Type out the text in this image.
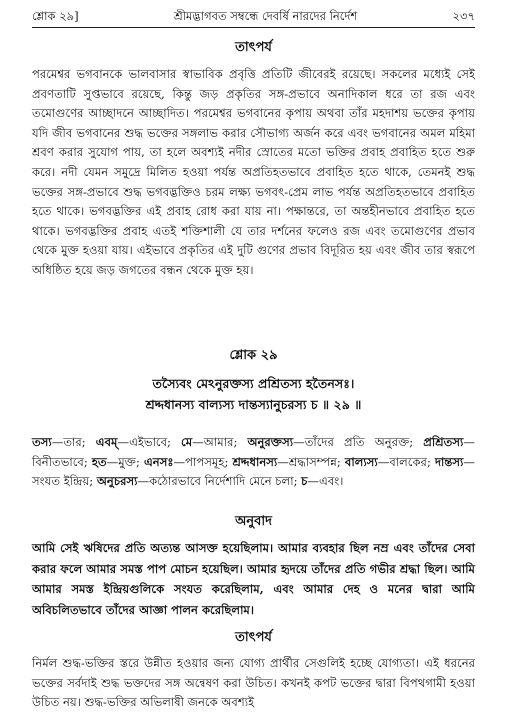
শ্লোক ২৯]	শ্রীমদ্ভাগবত সম্বন্ধে দেবর্ষি নারদের নির্দেশ	২৩৭
তাৎপর্য

পরমেশ্বর ভগবানকে ভালবাসার স্বাভাবিক প্রবৃত্তি প্রতিটি জীবেরই রয়েছে। সকলের মধ্যেই সেই প্রবণতাটি সুপ্তভাবে রয়েছে, কিন্তু জড় প্রকৃতির সঙ্গ-প্রভাবে অনাদিকাল ধরে তা রজ এবং তমোগুণের আচ্ছাদনে আচ্ছাদিত। পরমেশ্বর ভগবানের কৃপায় অথবা তাঁর মহদাশয় ভক্তের কৃপায় যদি জীব ভগবানের শুদ্ধ ভক্তের সঙ্গলাভ করার সৌভাগ্য অর্জন করে এবং ভগবানের অমল মহিমা শ্রবণ করার সুযোগ পায়, তা হলে অবশ্যই নদীর স্রোতের মতো ভক্তির প্রবাহ প্রবাহিত হতে শুরু করে। নদী যেমন সমুদ্রে মিলিত হওয়া পর্যন্ত অপ্রতিহতভাবে প্রবাহিত হতে থাকে, তেমনই শুদ্ধ ভক্তের সঙ্গ-প্রভাবে শুদ্ধ ভগবদ্ভক্তিও চরম লক্ষ্য ভগবৎ-প্রেম লাভ পর্যন্ত অপ্রতিহতভাবে প্রবাহিত হতে থাকে। ভগবদ্ভক্তির এই প্রবাহ রোধ করা যায় না। পক্ষান্তরে, তা অন্তহীনভাবে প্রবাহিত হতে থাকে। ভগবদ্ভক্তির প্রবাহ এতই শক্তিশালী যে তার দর্শনের ফলেও রজ এবং তমোগুণের প্রভাব থেকে মুক্ত হওয়া যায়। এইভাবে প্রকৃতির এই দুটি গুণের প্রভাব বিদূরিত হয় এবং জীব তার স্বরূপে অধিষ্ঠিত হয়ে জড় জগতের বন্ধন থেকে মুক্ত হয়।

শ্লোক ২৯

তস্যৈবং মেঽনুরক্তস্য প্রশ্রিতস্য হতৈনসঃ।

শ্রদ্দধানস্য বাল্যস্য দান্তস্যানুচরস্য চ ॥ ২৯ ॥

তস্য—তার; এবম্—এইভাবে; মে—আমার; অনুরক্তস্য—তাঁদের প্রতি অনুরক্ত; প্রশ্রিতস্য—বিনীতভাবে; হত—মুক্ত; এনসঃ—পাপসমূহ; শ্রদ্দধানস্য—শ্রদ্ধাসম্পন্ন; বাল্যস্য—বালকের; দান্তস্য—সংযত ইন্দ্রিয়; অনুচরস্য—কঠোরভাবে নির্দেশাদি মেনে চলা; চ—এবং।

অনুবাদ

আমি সেই ঋষিদের প্রতি অত্যন্ত আসক্ত হয়েছিলাম। আমার ব্যবহার ছিল নম্র এবং তাঁদের সেবা করার ফলে আমার সমস্ত পাপ মোচন হয়েছিল। আমার হৃদয়ে তাঁদের প্রতি গভীর শ্রদ্ধা ছিল। আমি আমার সমস্ত ইন্দ্রিয়গুলিকে সংযত করেছিলাম, এবং আমার দেহ ও মনের দ্বারা আমি অবিচলিতভাবে তাঁদের আজ্ঞা পালন করেছিলাম।

তাৎপর্য

নির্মল শুদ্ধ-ভক্তির স্তরে উন্নীত হওয়ার জন্য যোগ্য প্রার্থীর সেগুলিই হচ্ছে যোগ্যতা। এই ধরনের ভক্তের সর্বদাই শুদ্ধ ভক্তদের সঙ্গ অন্বেষণ করা উচিত। কখনই কপট ভক্তের দ্বারা বিপথগামী হওয়া উচিত নয়। শুদ্ধ-ভক্তির অভিলাষী জনকে অবশ্যই
